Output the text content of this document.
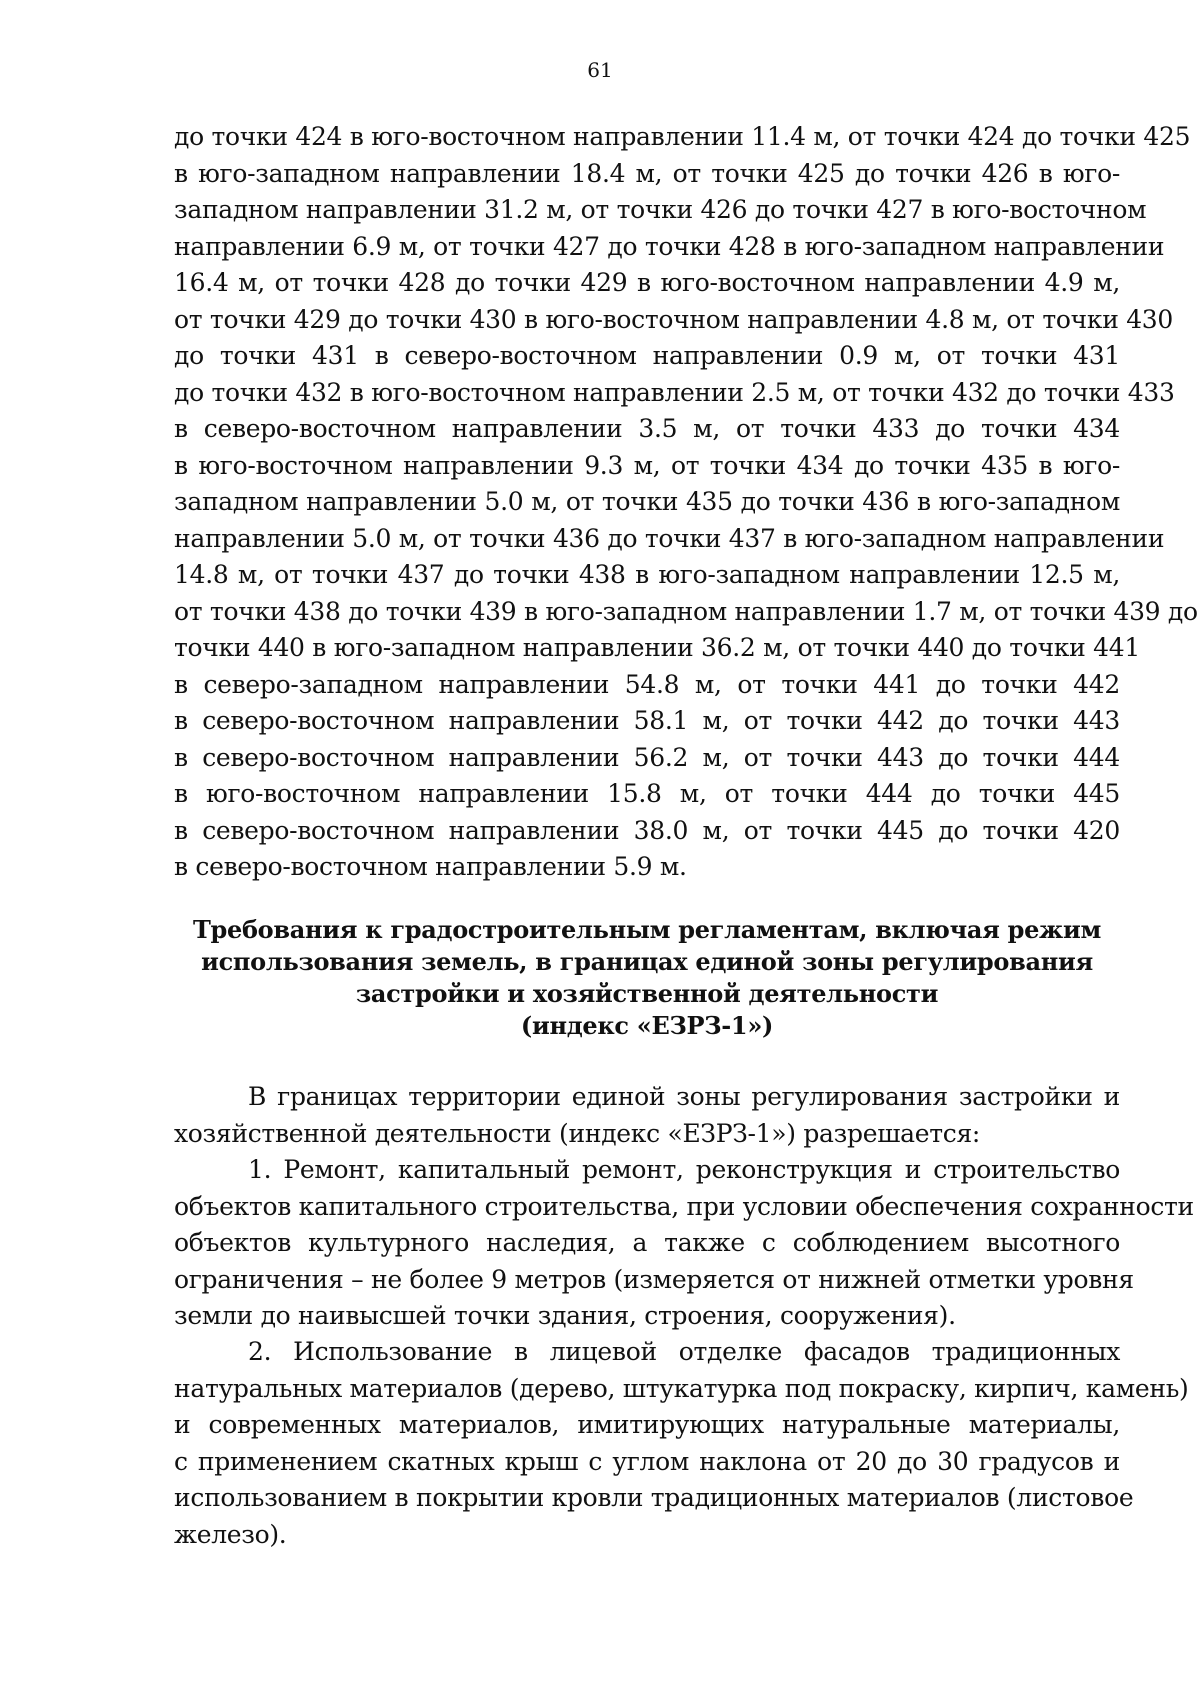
61
до точки 424 в юго-восточном направлении 11.4 м, от точки 424 до точки 425
в юго-западном направлении 18.4 м, от точки 425 до точки 426 в юго-
западном направлении 31.2 м, от точки 426 до точки 427 в юго-восточном
направлении 6.9 м, от точки 427 до точки 428 в юго-западном направлении
16.4 м, от точки 428 до точки 429 в юго-восточном направлении 4.9 м,
от точки 429 до точки 430 в юго-восточном направлении 4.8 м, от точки 430
до точки 431 в северо-восточном направлении 0.9 м, от точки 431
до точки 432 в юго-восточном направлении 2.5 м, от точки 432 до точки 433
в северо-восточном направлении 3.5 м, от точки 433 до точки 434
в юго-восточном направлении 9.3 м, от точки 434 до точки 435 в юго-
западном направлении 5.0 м, от точки 435 до точки 436 в юго-западном
направлении 5.0 м, от точки 436 до точки 437 в юго-западном направлении
14.8 м, от точки 437 до точки 438 в юго-западном направлении 12.5 м,
от точки 438 до точки 439 в юго-западном направлении 1.7 м, от точки 439 до
точки 440 в юго-западном направлении 36.2 м, от точки 440 до точки 441
в северо-западном направлении 54.8 м, от точки 441 до точки 442
в северо-восточном направлении 58.1 м, от точки 442 до точки 443
в северо-восточном направлении 56.2 м, от точки 443 до точки 444
в юго-восточном направлении 15.8 м, от точки 444 до точки 445
в северо-восточном направлении 38.0 м, от точки 445 до точки 420
в северо-восточном направлении 5.9 м.
Требования к градостроительным регламентам, включая режим
использования земель, в границах единой зоны регулирования
застройки и хозяйственной деятельности
(индекс «ЕЗРЗ-1»)
В границах территории единой зоны регулирования застройки и
хозяйственной деятельности (индекс «ЕЗРЗ-1») разрешается:
1. Ремонт, капитальный ремонт, реконструкция и строительство
объектов капитального строительства, при условии обеспечения сохранности
объектов культурного наследия, а также с соблюдением высотного
ограничения – не более 9 метров (измеряется от нижней отметки уровня
земли до наивысшей точки здания, строения, сооружения).
2. Использование в лицевой отделке фасадов традиционных
натуральных материалов (дерево, штукатурка под покраску, кирпич, камень)
и современных материалов, имитирующих натуральные материалы,
с применением скатных крыш с углом наклона от 20 до 30 градусов и
использованием в покрытии кровли традиционных материалов (листовое
железо).
